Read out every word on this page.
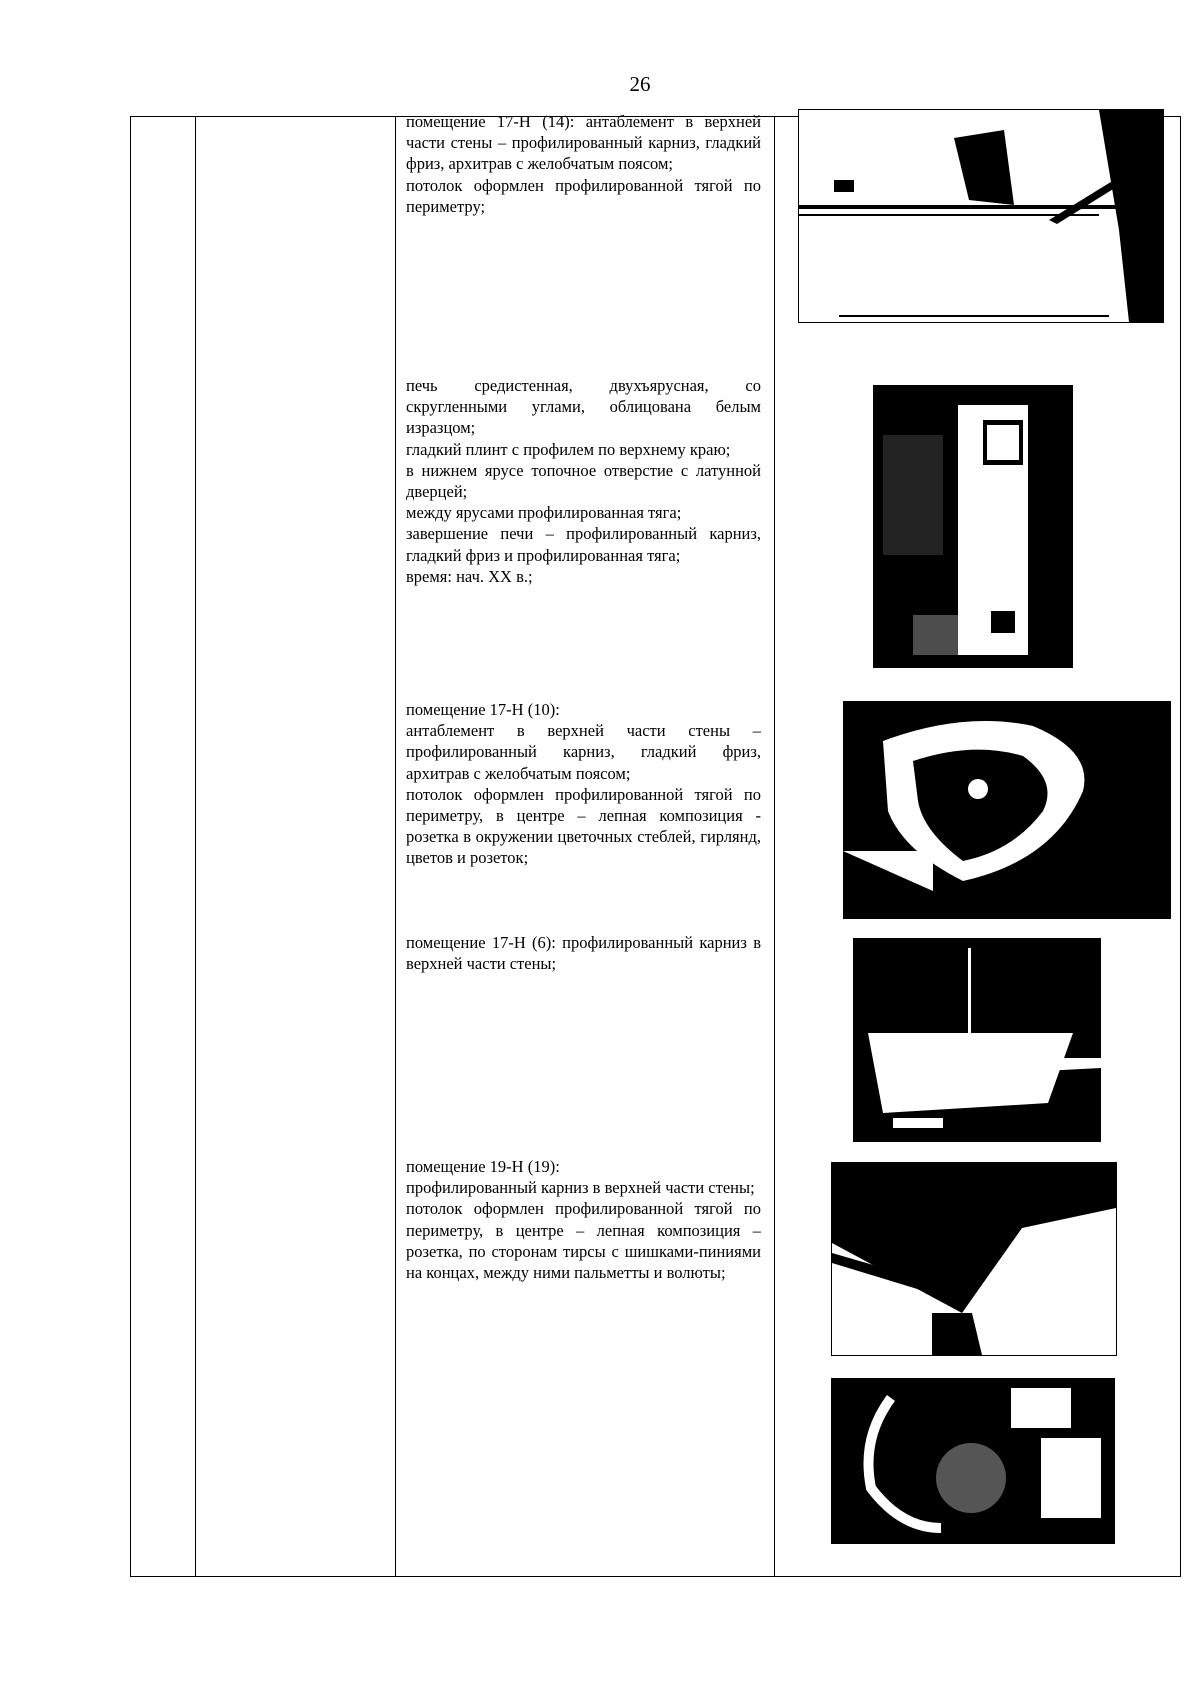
26
помещение 17-Н (14): антаблемент в верхней части стены – профилированный карниз, гладкий фриз, архитрав с желобчатым поясом;
потолок оформлен профилированной тягой по периметру;
печь средистенная, двухъярусная, со скругленными углами, облицована белым изразцом;
гладкий плинт с профилем по верхнему краю;
в нижнем ярусе топочное отверстие с латунной дверцей;
между ярусами профилированная тяга;
завершение печи – профилированный карниз, гладкий фриз и профилированная тяга;
время: нач. XX в.;
помещение 17-Н (10):
антаблемент в верхней части стены – профилированный карниз, гладкий фриз, архитрав с желобчатым поясом;
потолок оформлен профилированной тягой по периметру, в центре – лепная композиция - розетка в окружении цветочных стеблей, гирлянд, цветов и розеток;
помещение 17-Н (6): профилированный карниз в верхней части стены;
помещение 19-Н (19):
профилированный карниз в верхней части стены;
потолок оформлен профилированной тягой по периметру, в центре – лепная композиция – розетка, по сторонам тирсы с шишками-пиниями на концах, между ними пальметты и волюты;
